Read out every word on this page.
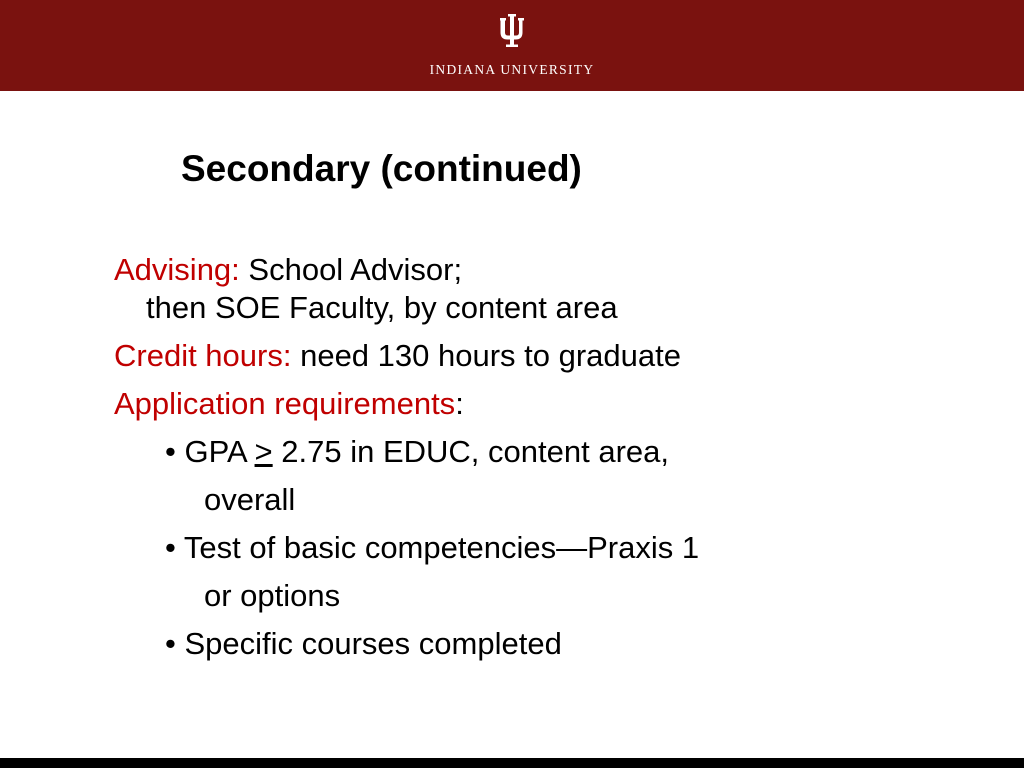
INDIANA UNIVERSITY
Secondary (continued)
Advising: School Advisor;
then SOE Faculty, by content area
Credit hours: need 130 hours to graduate
Application requirements:
• GPA ≥ 2.75 in EDUC, content area,
overall
• Test of basic competencies—Praxis 1
or options
• Specific courses completed
